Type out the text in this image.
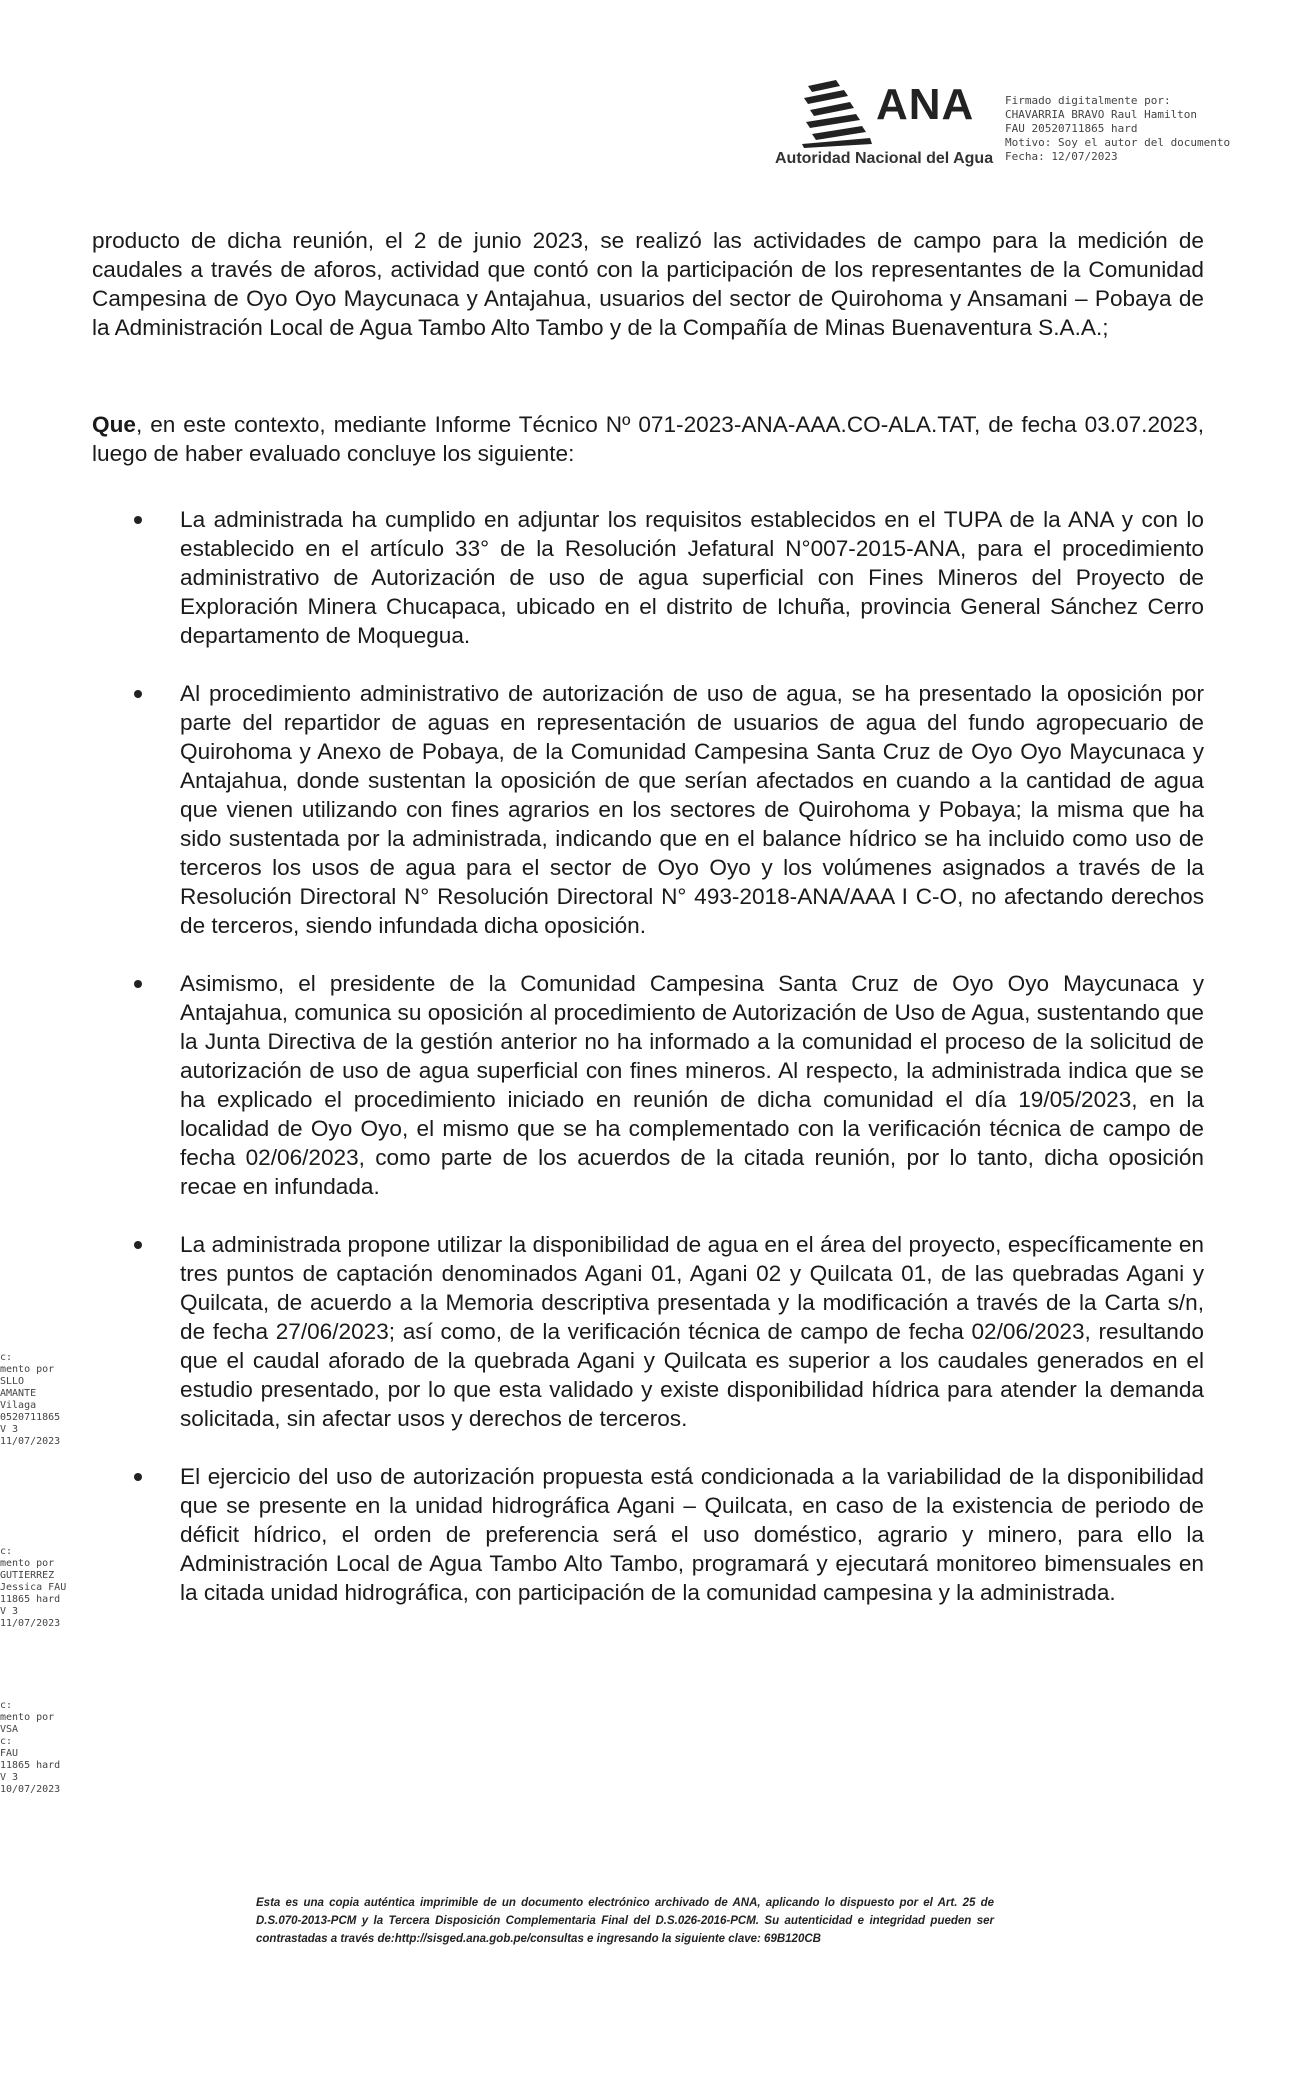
ANA
Autoridad Nacional del Agua
Firmado digitalmente por:
CHAVARRIA BRAVO Raul Hamilton
FAU 20520711865 hard
Motivo: Soy el autor del documento
Fecha: 12/07/2023
c:
mento por
SLLO
AMANTE
Vilaga
0520711865
V 3
11/07/2023
c:
mento por
GUTIERREZ
Jessica FAU
11865 hard
V 3
11/07/2023
c:
mento por
VSA
c:
FAU
11865 hard
V 3
10/07/2023
producto de dicha reunión, el 2 de junio 2023, se realizó las actividades de campo para la medición de caudales a través de aforos, actividad que contó con la participación de los representantes de la Comunidad Campesina de Oyo Oyo Maycunaca y Antajahua, usuarios del sector de Quirohoma y Ansamani – Pobaya de la Administración Local de Agua Tambo Alto Tambo y de la Compañía de Minas Buenaventura S.A.A.;
Que, en este contexto, mediante Informe Técnico Nº 071-2023-ANA-AAA.CO-ALA.TAT, de fecha 03.07.2023, luego de haber evaluado concluye los siguiente:
La administrada ha cumplido en adjuntar los requisitos establecidos en el TUPA de la ANA y con lo establecido en el artículo 33° de la Resolución Jefatural N°007-2015-ANA, para el procedimiento administrativo de Autorización de uso de agua superficial con Fines Mineros del Proyecto de Exploración Minera Chucapaca, ubicado en el distrito de Ichuña, provincia General Sánchez Cerro departamento de Moquegua.
Al procedimiento administrativo de autorización de uso de agua, se ha presentado la oposición por parte del repartidor de aguas en representación de usuarios de agua del fundo agropecuario de Quirohoma y Anexo de Pobaya, de la Comunidad Campesina Santa Cruz de Oyo Oyo Maycunaca y Antajahua, donde sustentan la oposición de que serían afectados en cuando a la cantidad de agua que vienen utilizando con fines agrarios en los sectores de Quirohoma y Pobaya; la misma que ha sido sustentada por la administrada, indicando que en el balance hídrico se ha incluido como uso de terceros los usos de agua para el sector de Oyo Oyo y los volúmenes asignados a través de la Resolución Directoral N° Resolución Directoral N° 493-2018-ANA/AAA I C-O, no afectando derechos de terceros, siendo infundada dicha oposición.
Asimismo, el presidente de la Comunidad Campesina Santa Cruz de Oyo Oyo Maycunaca y Antajahua, comunica su oposición al procedimiento de Autorización de Uso de Agua, sustentando que la Junta Directiva de la gestión anterior no ha informado a la comunidad el proceso de la solicitud de autorización de uso de agua superficial con fines mineros. Al respecto, la administrada indica que se ha explicado el procedimiento iniciado en reunión de dicha comunidad el día 19/05/2023, en la localidad de Oyo Oyo, el mismo que se ha complementado con la verificación técnica de campo de fecha 02/06/2023, como parte de los acuerdos de la citada reunión, por lo tanto, dicha oposición recae en infundada.
La administrada propone utilizar la disponibilidad de agua en el área del proyecto, específicamente en tres puntos de captación denominados Agani 01, Agani 02 y Quilcata 01, de las quebradas Agani y Quilcata, de acuerdo a la Memoria descriptiva presentada y la modificación a través de la Carta s/n, de fecha 27/06/2023; así como, de la verificación técnica de campo de fecha 02/06/2023, resultando que el caudal aforado de la quebrada Agani y Quilcata es superior a los caudales generados en el estudio presentado, por lo que esta validado y existe disponibilidad hídrica para atender la demanda solicitada, sin afectar usos y derechos de terceros.
El ejercicio del uso de autorización propuesta está condicionada a la variabilidad de la disponibilidad que se presente en la unidad hidrográfica Agani – Quilcata, en caso de la existencia de periodo de déficit hídrico, el orden de preferencia será el uso doméstico, agrario y minero, para ello la Administración Local de Agua Tambo Alto Tambo, programará y ejecutará monitoreo bimensuales en la citada unidad hidrográfica, con participación de la comunidad campesina y la administrada.
Esta es una copia auténtica imprimible de un documento electrónico archivado de ANA, aplicando lo dispuesto por el Art. 25 de D.S.070-2013-PCM y la Tercera Disposición Complementaria Final del D.S.026-2016-PCM. Su autenticidad e integridad pueden ser contrastadas a través de:http://sisged.ana.gob.pe/consultas e ingresando la siguiente clave: 69B120CB
